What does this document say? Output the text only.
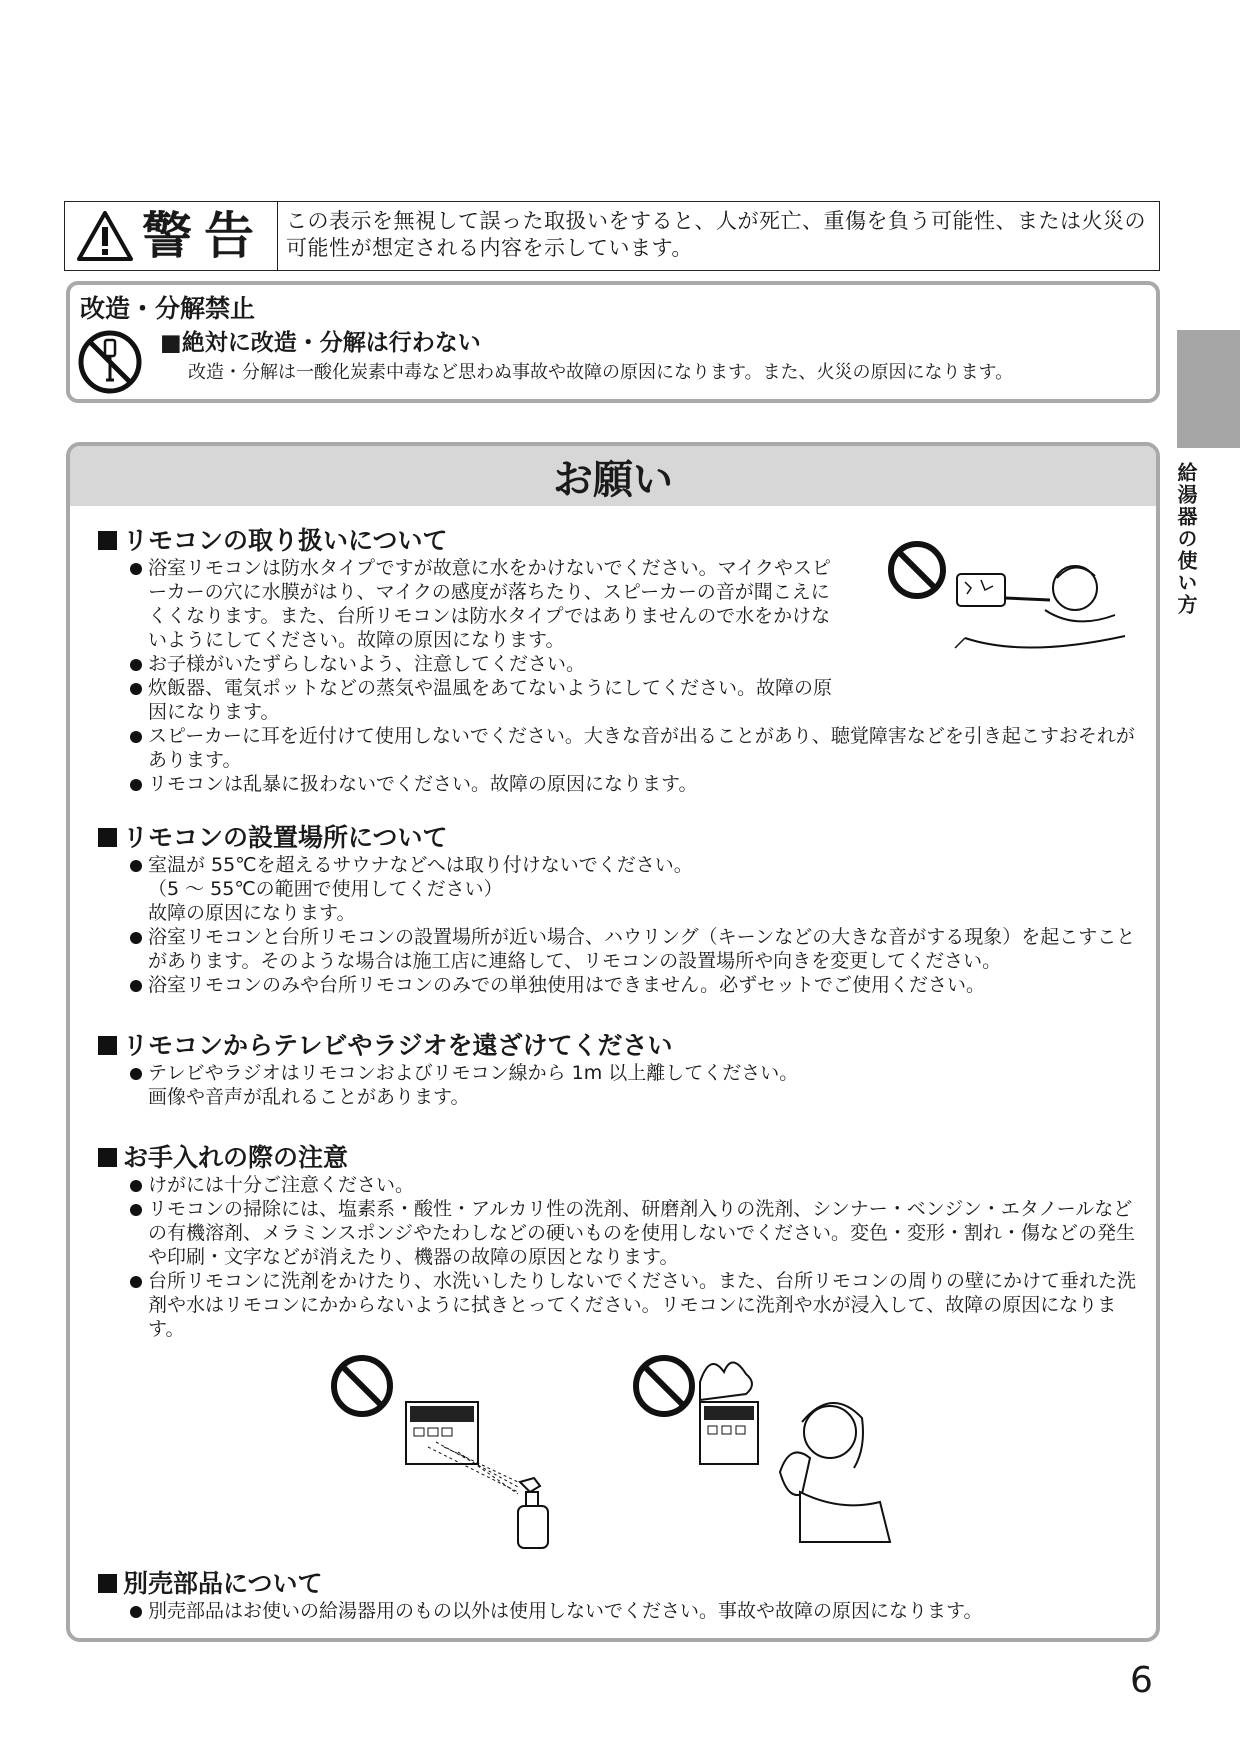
警告 この表示を無視して誤った取扱いをすると、人が死亡、重傷を負う可能性、または火災の可能性が想定される内容を示しています。
改造・分解禁止
■絶対に改造・分解は行わない
改造・分解は一酸化炭素中毒など思わぬ事故や故障の原因になります。また、火災の原因になります。
給湯器の使い方
お願い
リモコンの取り扱いについて
浴室リモコンは防水タイプですが故意に水をかけないでください。マイクやスピーカーの穴に水膜がはり、マイクの感度が落ちたり、スピーカーの音が聞こえにくくなります。また、台所リモコンは防水タイプではありませんので水をかけないようにしてください。故障の原因になります。
お子様がいたずらしないよう、注意してください。
炊飯器、電気ポットなどの蒸気や温風をあてないようにしてください。故障の原因になります。
スピーカーに耳を近付けて使用しないでください。大きな音が出ることがあり、聴覚障害などを引き起こすおそれがあります。
リモコンは乱暴に扱わないでください。故障の原因になります。
リモコンの設置場所について
室温が 55℃を超えるサウナなどへは取り付けないでください。
（5 ～ 55℃の範囲で使用してください）
故障の原因になります。
浴室リモコンと台所リモコンの設置場所が近い場合、ハウリング（キーンなどの大きな音がする現象）を起こすことがあります。そのような場合は施工店に連絡して、リモコンの設置場所や向きを変更してください。
浴室リモコンのみや台所リモコンのみでの単独使用はできません。必ずセットでご使用ください。
リモコンからテレビやラジオを遠ざけてください
テレビやラジオはリモコンおよびリモコン線から 1m 以上離してください。
画像や音声が乱れることがあります。
お手入れの際の注意
けがには十分ご注意ください。
リモコンの掃除には、塩素系・酸性・アルカリ性の洗剤、研磨剤入りの洗剤、シンナー・ベンジン・エタノールなどの有機溶剤、メラミンスポンジやたわしなどの硬いものを使用しないでください。変色・変形・割れ・傷などの発生や印刷・文字などが消えたり、機器の故障の原因となります。
台所リモコンに洗剤をかけたり、水洗いしたりしないでください。また、台所リモコンの周りの壁にかけて垂れた洗剤や水はリモコンにかからないように拭きとってください。リモコンに洗剤や水が浸入して、故障の原因になります。
別売部品について
別売部品はお使いの給湯器用のもの以外は使用しないでください。事故や故障の原因になります。
6
